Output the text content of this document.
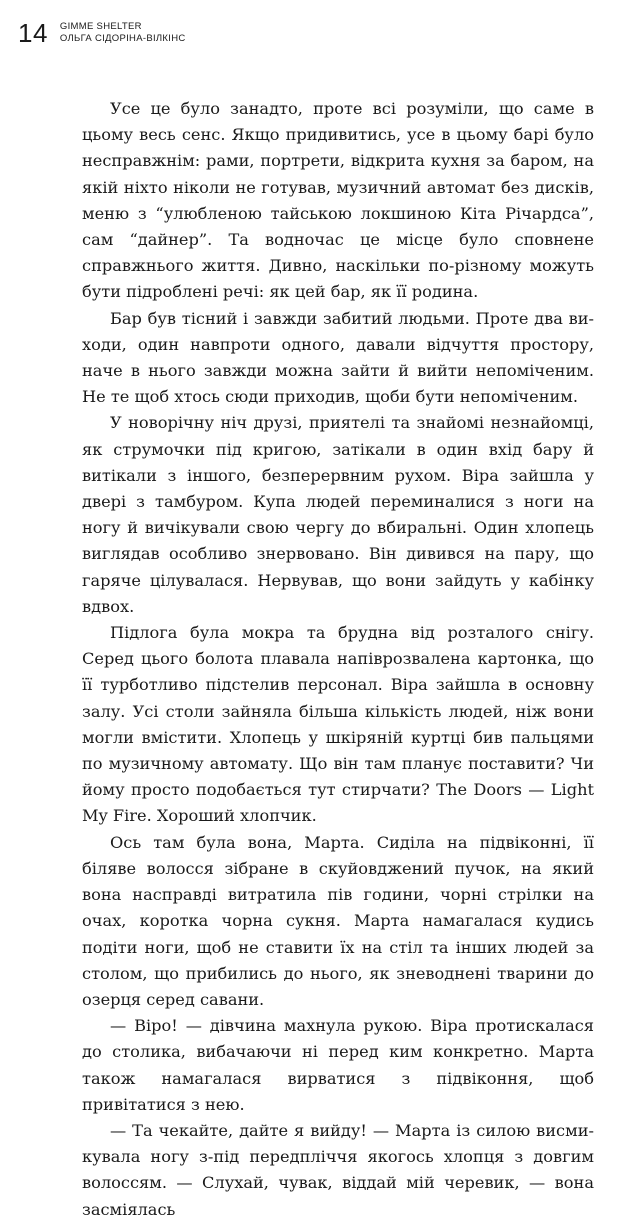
14 GIMME SHELTER
ОЛЬГА СІДОРІНА-ВІЛКІНС

Усе це було занадто, проте всі розуміли, що саме в цьому весь сенс. Якщо придивитись, усе в цьому барі було несправжнім: рами, портрети, відкрита кухня за баром, на якій ніхто ніколи не готував, музичний автомат без дисків, меню з “улюбленою тайською локшиною Кіта Річардса”, сам “дайнер”. Та водночас це місце було сповнене справжнього життя. Дивно, наскільки по-різному можуть бути підроблені речі: як цей бар, як її родина.

Бар був тісний і завжди забитий людьми. Проте два виходи, один навпроти одного, давали відчуття простору, наче в нього завжди можна зайти й вийти непоміченим. Не те щоб хтось сюди приходив, щоби бути непоміченим.

У новорічну ніч друзі, приятелі та знайомі незнайомці, як струмочки під кригою, затікали в один вхід бару й витікали з іншого, безперервним рухом. Віра зайшла у двері з тамбуром. Купа людей переминалися з ноги на ногу й вичікували свою чергу до вбиральні. Один хлопець виглядав особливо знервовано. Він дивився на пару, що гаряче цілувалася. Нервував, що вони зайдуть у кабінку вдвох.

Підлога була мокра та брудна від розталого снігу. Серед цього болота плавала напіврозвалена картонка, що її турботливо підстелив персонал. Віра зайшла в основну залу. Усі столи зайняла більша кількість людей, ніж вони могли вмістити. Хлопець у шкіряній куртці бив пальцями по музичному автомату. Що він там планує поставити? Чи йому просто подобається тут стирчати? The Doors — Light My Fire. Хороший хлопчик.

Ось там була вона, Марта. Сиділа на підвіконні, її біляве волосся зібране в скуйовджений пучок, на який вона насправді витратила пів години, чорні стрілки на очах, коротка чорна сукня. Марта намагалася кудись подіти ноги, щоб не ставити їх на стіл та інших людей за столом, що прибились до нього, як зневоднені тварини до озерця серед савани.

— Віро! — дівчина махнула рукою. Віра протискалася до столика, вибачаючи ні перед ким конкретно. Марта також намагалася вирватися з підвіконня, щоб привітатися з нею.

— Та чекайте, дайте я вийду! — Марта із силою висмикувала ногу з-під передпліччя якогось хлопця з довгим волоссям. — Слухай, чувак, віддай мій черевик, — вона засміялась
